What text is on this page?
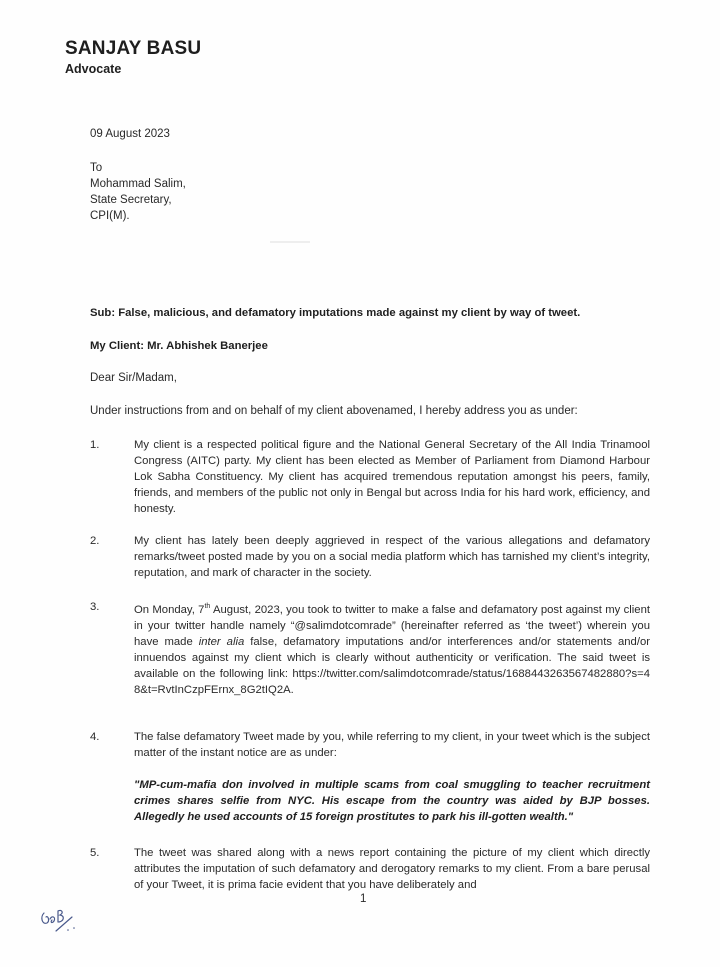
SANJAY BASU
Advocate
09 August 2023
To
Mohammad Salim,
State Secretary,
CPI(M).
Sub: False, malicious, and defamatory imputations made against my client by way of tweet.
My Client: Mr. Abhishek Banerjee
Dear Sir/Madam,
Under instructions from and on behalf of my client abovenamed, I hereby address you as under:
1.	My client is a respected political figure and the National General Secretary of the All India Trinamool Congress (AITC) party. My client has been elected as Member of Parliament from Diamond Harbour Lok Sabha Constituency. My client has acquired tremendous reputation amongst his peers, family, friends, and members of the public not only in Bengal but across India for his hard work, efficiency, and honesty.
2.	My client has lately been deeply aggrieved in respect of the various allegations and defamatory remarks/tweet posted made by you on a social media platform which has tarnished my client’s integrity, reputation, and mark of character in the society.
3.	On Monday, 7th August, 2023, you took to twitter to make a false and defamatory post against my client in your twitter handle namely “@salimdotcomrade” (hereinafter referred as ‘the tweet’) wherein you have made inter alia false, defamatory imputations and/or interferences and/or statements and/or innuendos against my client which is clearly without authenticity or verification. The said tweet is available on the following link: https://twitter.com/salimdotcomrade/status/1688443263567482880?s=48&t=RvtInCzpFErnx_8G2tIQ2A.
4.	The false defamatory Tweet made by you, while referring to my client, in your tweet which is the subject matter of the instant notice are as under:
"MP-cum-mafia don involved in multiple scams from coal smuggling to teacher recruitment crimes shares selfie from NYC. His escape from the country was aided by BJP bosses. Allegedly he used accounts of 15 foreign prostitutes to park his ill-gotten wealth."
5.	The tweet was shared along with a news report containing the picture of my client which directly attributes the imputation of such defamatory and derogatory remarks to my client. From a bare perusal of your Tweet, it is prima facie evident that you have deliberately and
1
